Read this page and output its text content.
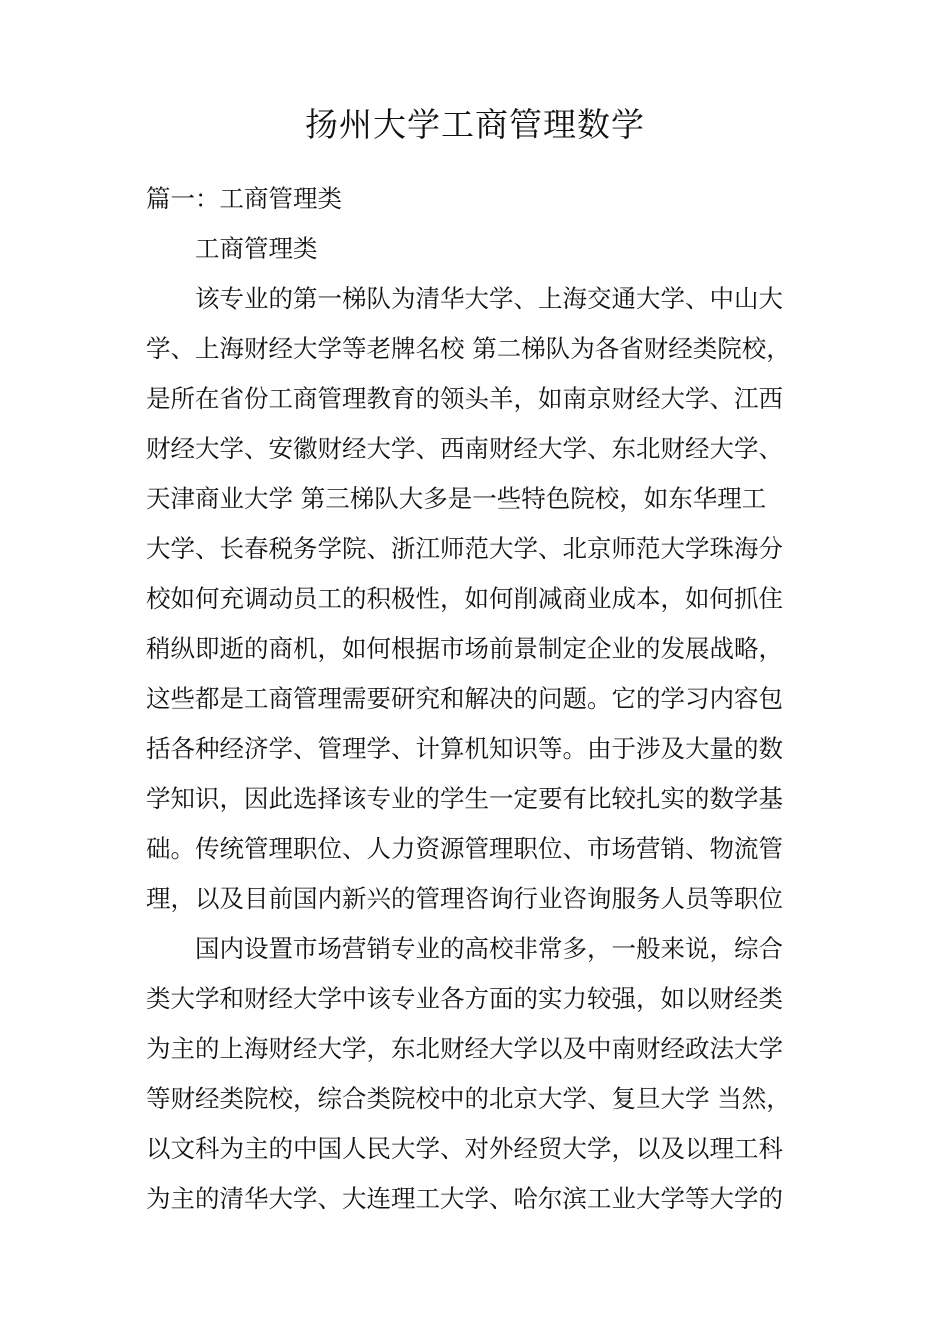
扬州大学工商管理数学
篇一：工商管理类
工商管理类
该专业的第一梯队为清华大学、上海交通大学、中山大
学、上海财经大学等老牌名校 第二梯队为各省财经类院校，
是所在省份工商管理教育的领头羊，如南京财经大学、江西
财经大学、安徽财经大学、西南财经大学、东北财经大学、
天津商业大学 第三梯队大多是一些特色院校，如东华理工
大学、长春税务学院、浙江师范大学、北京师范大学珠海分
校如何充调动员工的积极性，如何削减商业成本，如何抓住
稍纵即逝的商机，如何根据市场前景制定企业的发展战略，
这些都是工商管理需要研究和解决的问题。它的学习内容包
括各种经济学、管理学、计算机知识等。由于涉及大量的数
学知识，因此选择该专业的学生一定要有比较扎实的数学基
础。传统管理职位、人力资源管理职位、市场营销、物流管
理，以及目前国内新兴的管理咨询行业咨询服务人员等职位
国内设置市场营销专业的高校非常多，一般来说，综合
类大学和财经大学中该专业各方面的实力较强，如以财经类
为主的上海财经大学，东北财经大学以及中南财经政法大学
等财经类院校，综合类院校中的北京大学、复旦大学 当然，
以文科为主的中国人民大学、对外经贸大学，以及以理工科
为主的清华大学、大连理工大学、哈尔滨工业大学等大学的
